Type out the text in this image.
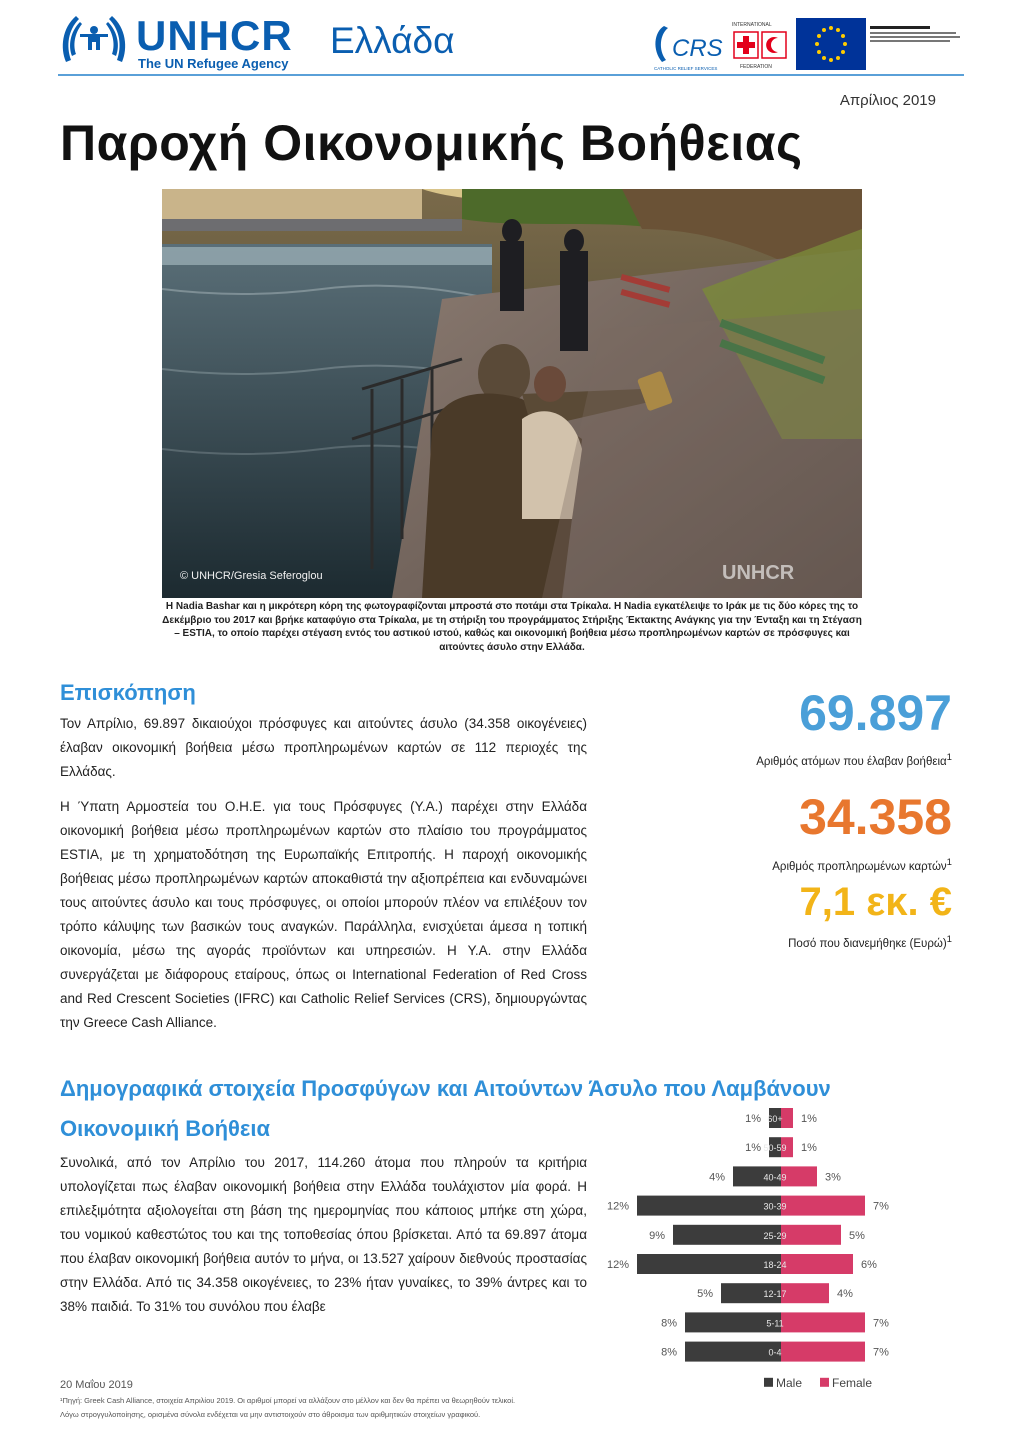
UNHCR
The UN Refugee Agency
Ελλάδα	CRS
CATHOLIC RELIEF SERVICES
INTERNATIONAL
FEDERATION
Απρίλιος 2019
Παροχή Οικονομικής Βοήθειας
© UNHCR/Gresia Seferoglou	UNHCR
Η Nadia Bashar και η μικρότερη κόρη της φωτογραφίζονται μπροστά στο ποτάμι στα Τρίκαλα. Η Nadia εγκατέλειψε το Ιράκ με τις δύο κόρες της το Δεκέμβριο του 2017 και βρήκε καταφύγιο στα Τρίκαλα, με τη στήριξη του προγράμματος Στήριξης Έκτακτης Ανάγκης για την Ένταξη και τη Στέγαση – ESTIA, το οποίο παρέχει στέγαση εντός του αστικού ιστού, καθώς και οικονομική βοήθεια μέσω προπληρωμένων καρτών σε πρόσφυγες και αιτούντες άσυλο στην Ελλάδα.
Επισκόπηση
Τον Απρίλιο, 69.897 δικαιούχοι πρόσφυγες και αιτούντες άσυλο (34.358 οικογένειες) έλαβαν οικονομική βοήθεια μέσω προπληρωμένων καρτών σε 112 περιοχές της Ελλάδας.
Η Ύπατη Αρμοστεία του Ο.Η.Ε. για τους Πρόσφυγες (Υ.Α.) παρέχει στην Ελλάδα οικονομική βοήθεια μέσω προπληρωμένων καρτών στο πλαίσιο του προγράμματος ESTIA, με τη χρηματοδότηση της Ευρωπαϊκής Επιτροπής. Η παροχή οικονομικής βοήθειας μέσω προπληρωμένων καρτών αποκαθιστά την αξιοπρέπεια και ενδυναμώνει τους αιτούντες άσυλο και τους πρόσφυγες, οι οποίοι μπορούν πλέον να επιλέξουν τον τρόπο κάλυψης των βασικών τους αναγκών. Παράλληλα, ενισχύεται άμεσα η τοπική οικονομία, μέσω της αγοράς προϊόντων και υπηρεσιών. Η Υ.Α. στην Ελλάδα συνεργάζεται με διάφορους εταίρους, όπως οι International Federation of Red Cross and Red Crescent Societies (IFRC) και Catholic Relief Services (CRS), δημιουργώντας την Greece Cash Alliance.
69.897
Αριθμός ατόμων που έλαβαν βοήθεια$^1$
34.358
Αριθμός προπληρωμένων καρτών$^1$
7,1 εκ. €
Ποσό που διανεμήθηκε $(E\upsilon\rho ώ)^1$
Δημογραφικά στοιχεία Προσφύγων και Αιτούντων Άσυλο που Λαμβάνουν
Οικονομική Βοήθεια
Συνολικά, από τον Απρίλιο του 2017, 114.260 άτομα που πληρούν τα κριτήρια υπολογίζεται πως έλαβαν οικονομική βοήθεια στην Ελλάδα τουλάχιστον μία φορά. Η επιλεξιμότητα αξιολογείται στη βάση της ημερομηνίας που κάποιος μπήκε στη χώρα, του νομικού καθεστώτος του και της τοποθεσίας όπου βρίσκεται. Από τα 69.897 άτομα που έλαβαν οικονομική βοήθεια αυτόν το μήνα, οι 13.527 χαίρουν διεθνούς προστασίας στην Ελλάδα. Από τις 34.358 οικογένειες, το 23% ήταν γυναίκες, το 39% άντρες και το 38% παιδιά. Το 31% του συνόλου που έλαβε
60+
1%	1%
50-59
1%	1%
40-49
4%	3%
30-39
12%	7%
25-29
9%	5%
18-24
12%	6%
12-17
5%	4%
5-11
8%	7%
0-4
8%	7%
Male Female
20 Μαΐου 2019
¹Πηγή: Greek Cash Alliance, στοιχεία Απριλίου 2019. Οι αριθμοί μπορεί να αλλάξουν στο μέλλον και δεν θα πρέπει να θεωρηθούν τελικοί.
Λόγω στρογγυλοποίησης, ορισμένα σύνολα ενδέχεται να μην αντιστοιχούν στο άθροισμα των αριθμητικών στοιχείων γραφικού.
